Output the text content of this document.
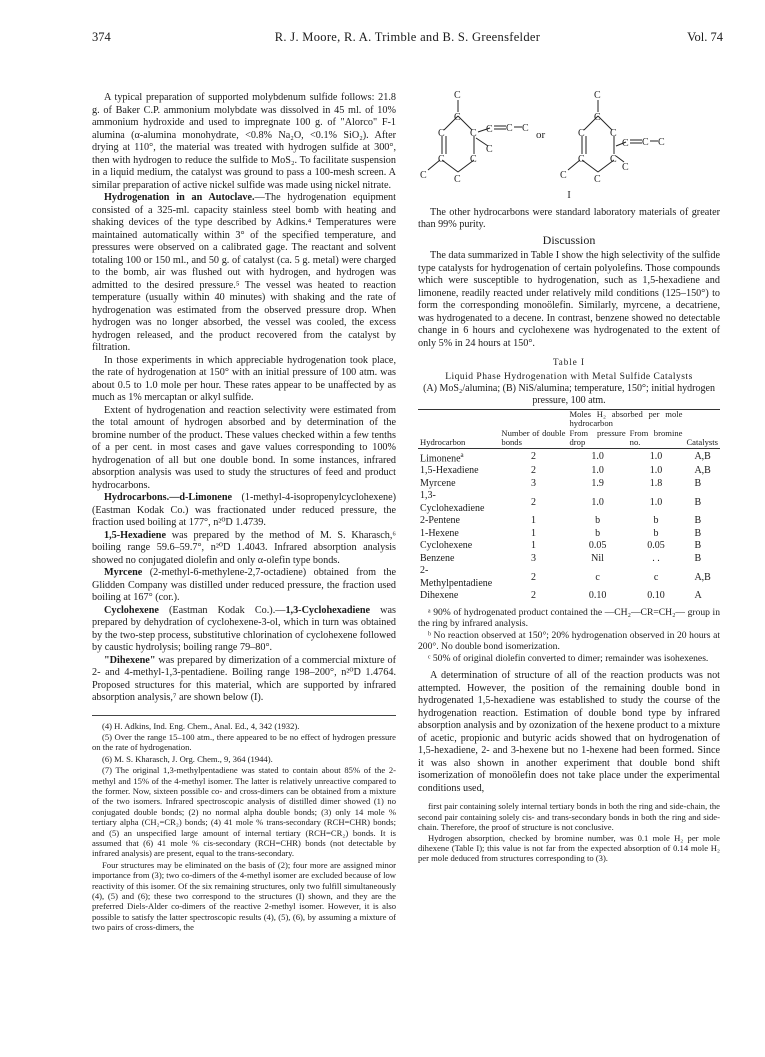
374	R. J. Moore, R. A. Trimble and B. S. Greensfelder	Vol. 74

A typical preparation of supported molybdenum sulfide follows: 21.8 g. of Baker C.P. ammonium molybdate was dissolved in 45 ml. of 10% ammonium hydroxide and used to impregnate 100 g. of "Alorco" F-1 alumina (α-alumina monohydrate, <0.8% Na₂O, <0.1% SiO₂). After drying at 110°, the material was treated with hydrogen sulfide at 300°, then with hydrogen to reduce the sulfide to MoS₂. To facilitate suspension in a liquid medium, the catalyst was ground to pass a 100-mesh screen. A similar preparation of active nickel sulfide was made using nickel nitrate.

Hydrogenation in an Autoclave.—The hydrogenation equipment consisted of a 325-ml. capacity stainless steel bomb with heating and shaking devices of the type described by Adkins.⁴ Temperatures were maintained automatically within 3° of the specified temperature, and pressures were observed on a calibrated gage. The reactant and solvent totaling 100 or 150 ml., and 50 g. of catalyst (ca. 5 g. metal) were charged to the bomb, air was flushed out with hydrogen, and hydrogen was admitted to the desired pressure.⁵ The vessel was heated to reaction temperature (usually within 40 minutes) with shaking and the rate of hydrogenation was estimated from the observed pressure drop. When hydrogen was no longer absorbed, the vessel was cooled, the excess hydrogen released, and the product recovered from the catalyst by filtration.

In those experiments in which appreciable hydrogenation took place, the rate of hydrogenation at 150° with an initial pressure of 100 atm. was about 0.5 to 1.0 mole per hour. These rates appear to be unaffected by as much as 1% mercaptan or alkyl sulfide.

Extent of hydrogenation and reaction selectivity were estimated from the total amount of hydrogen absorbed and by determination of the bromine number of the product. These values checked within a few tenths of a per cent. in most cases and gave values corresponding to 100% hydrogenation of all but one double bond. In some instances, infrared absorption analysis was used to study the structures of feed and product hydrocarbons.

Hydrocarbons.—d-Limonene (1-methyl-4-isopropenylcyclohexene) (Eastman Kodak Co.) was fractionated under reduced pressure, the fraction used boiling at 177°, n²⁰D 1.4739.

1,5-Hexadiene was prepared by the method of M. S. Kharasch,⁶ boiling range 59.6–59.7°, n²⁰D 1.4043. Infrared absorption analysis showed no conjugated diolefin and only α-olefin type bonds.

Myrcene (2-methyl-6-methylene-2,7-octadiene) obtained from the Glidden Company was distilled under reduced pressure, the fraction used boiling at 167° (cor.).

Cyclohexene (Eastman Kodak Co.).—1,3-Cyclohexadiene was prepared by dehydration of cyclohexene-3-ol, which in turn was obtained by the two-step process, substitutive chlorination of cyclohexene followed by caustic hydrolysis; boiling range 79–80°.

"Dihexene" was prepared by dimerization of a commercial mixture of 2- and 4-methyl-1,3-pentadiene. Boiling range 198–200°, n²⁰D 1.4764. Proposed structures for this material, which are supported by infrared absorption analysis,⁷ are shown below (I).

(4) H. Adkins, Ind. Eng. Chem., Anal. Ed., 4, 342 (1932).

(5) Over the range 15–100 atm., there appeared to be no effect of hydrogen pressure on the rate of hydrogenation.

(6) M. S. Kharasch, J. Org. Chem., 9, 364 (1944).

(7) The original 1,3-methylpentadiene was stated to contain about 85% of the 2-methyl and 15% of the 4-methyl isomer. The latter is relatively unreactive compared to the former. Now, sixteen possible co- and cross-dimers can be obtained from a mixture of the two isomers. Infrared spectroscopic analysis of distilled dimer showed (1) no conjugated double bonds; (2) no normal alpha double bonds; (3) only 14 mole % tertiary alpha (CH₂=CR₂) bonds; (4) 41 mole % trans-secondary (RCH=CHR) bonds; and (5) an unspecified large amount of internal tertiary (RCH=CR₂) bonds. It is assumed that (6) 41 mole % cis-secondary (RCH=CHR) bonds (not detectable by infrared analysis) are present, equal to the trans-secondary.

Four structures may be eliminated on the basis of (2); four more are assigned minor importance from (3); two co-dimers of the 4-methyl isomer are excluded because of low reactivity of this isomer. Of the six remaining structures, only two fulfill simultaneously (4), (5) and (6); these two correspond to the structures (I) shown, and they are the preferred Diels-Alder co-dimers of the reactive 2-methyl isomer. However, it is also possible to satisfy the latter spectroscopic results (4), (5), (6), by assuming a mixture of two pairs of cross-dimers, the

C
C
C	C
C	C
C
C
C C C
C
C
C
C	C
C	C
C
C
C C C
C
or
I

The other hydrocarbons were standard laboratory materials of greater than 99% purity.

Discussion

The data summarized in Table I show the high selectivity of the sulfide type catalysts for hydrogenation of certain polyolefins. Those compounds which were susceptible to hydrogenation, such as 1,5-hexadiene and limonene, readily reacted under relatively mild conditions (125–150°) to form the corresponding monoölefin. Similarly, myrcene, a decatriene, was hydrogenated to a decene. In contrast, benzene showed no detectable change in 6 hours and cyclohexene was hydrogenated to the extent of only 5% in 24 hours at 150°.

Table I
Liquid Phase Hydrogenation with Metal Sulfide Catalysts
(A) MoS₂/alumina; (B) NiS/alumina; temperature, 150°; initial hydrogen pressure, 100 atm.
Hydrocarbon	Number of double bonds	Moles H₂ absorbed per mole hydrocarbon		Catalysts
		From pressure drop	From bromine no.	
Limonene$^a$	2	1.0	1.0	A,B
1,5-Hexadiene	2	1.0	1.0	A,B
Myrcene	3	1.9	1.8	B
1,3-Cyclohexadiene	2	1.0	1.0	B
2-Pentene	1	b	b	B
1-Hexene	1	b	b	B
Cyclohexene	1	0.05	0.05	B
Benzene	3	Nil	. .	B
2-Methylpentadiene	2	c	c	A,B
Dihexene	2	0.10	0.10	A

ᵃ 90% of hydrogenated product contained the —CH₂—CR=CH₂— group in the ring by infrared analysis.

ᵇ No reaction observed at 150°; 20% hydrogenation observed in 20 hours at 200°. No double bond isomerization.

ᶜ 50% of original diolefin converted to dimer; remainder was isohexenes.

A determination of structure of all of the reaction products was not attempted. However, the position of the remaining double bond in hydrogenated 1,5-hexadiene was established to study the course of the hydrogenation reaction. Estimation of double bond type by infrared absorption analysis and by ozonization of the hexene product to a mixture of acetic, propionic and butyric acids showed that on hydrogenation of 1,5-hexadiene, 2- and 3-hexene but no 1-hexene had been formed. Since it was also shown in another experiment that double bond shift isomerization of monoölefin does not take place under the experimental conditions used,

first pair containing solely internal tertiary bonds in both the ring and side-chain, the second pair containing solely cis- and trans-secondary bonds in both the ring and side-chain. Therefore, the proof of structure is not conclusive.

Hydrogen absorption, checked by bromine number, was 0.1 mole H₂ per mole dihexene (Table I); this value is not far from the expected absorption of 0.14 mole H₂ per mole deduced from structures corresponding to (3).
